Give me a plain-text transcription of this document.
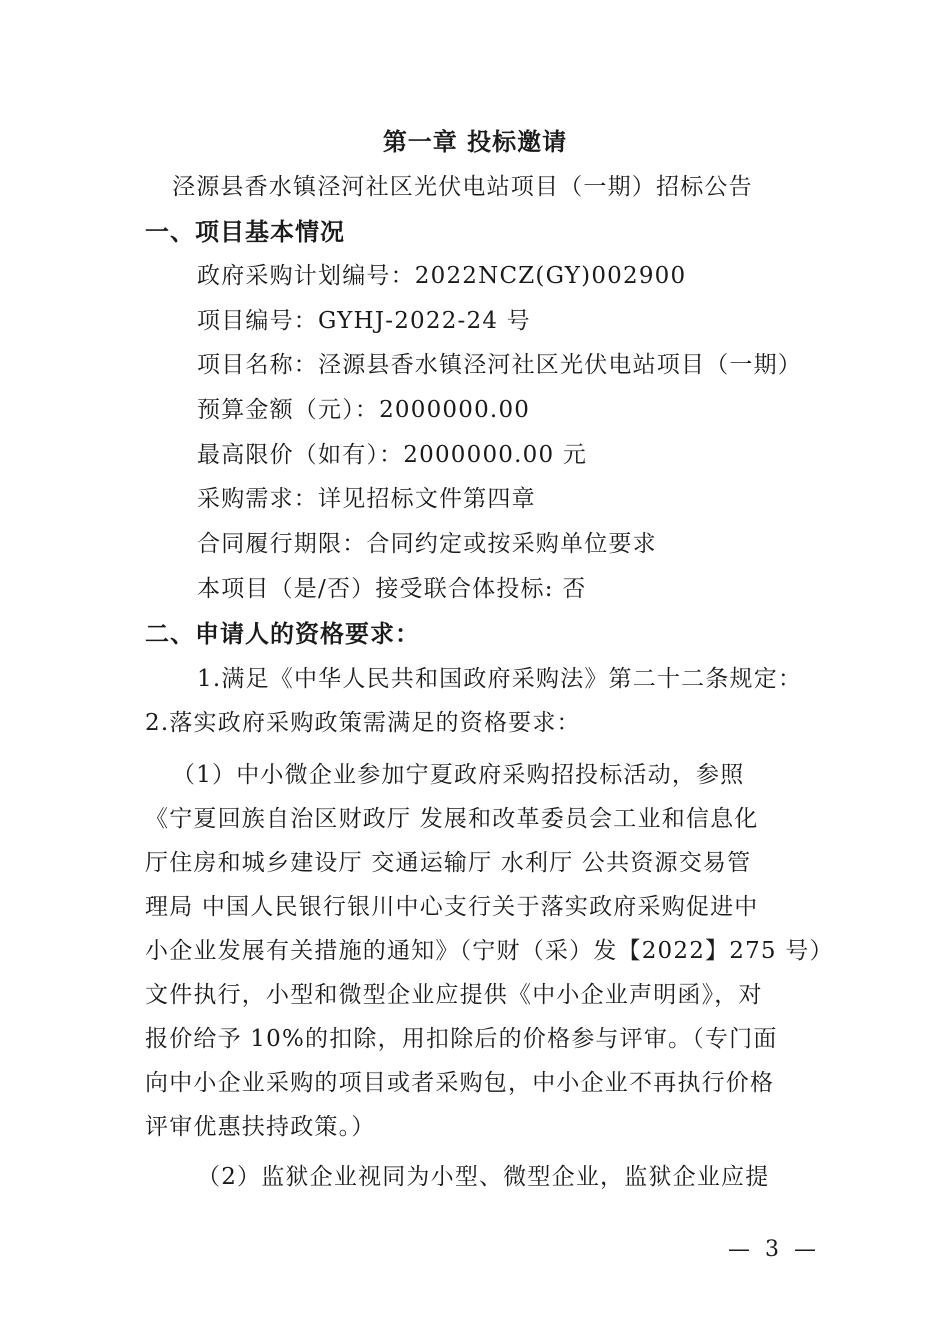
第一章 投标邀请
泾源县香水镇泾河社区光伏电站项目（一期）招标公告
一、项目基本情况
政府采购计划编号：2022NCZ(GY)002900
项目编号：GYHJ-2022-24 号
项目名称：泾源县香水镇泾河社区光伏电站项目（一期）
预算金额（元）：2000000.00
最高限价（如有）：2000000.00 元
采购需求：详见招标文件第四章
合同履行期限：合同约定或按采购单位要求
本项目（是/否）接受联合体投标: 否
二、申请人的资格要求：
1.满足《中华人民共和国政府采购法》第二十二条规定：
2.落实政府采购政策需满足的资格要求：
（1）中小微企业参加宁夏政府采购招投标活动，参照
《宁夏回族自治区财政厅 发展和改革委员会工业和信息化
厅住房和城乡建设厅 交通运输厅 水利厅 公共资源交易管
理局 中国人民银行银川中心支行关于落实政府采购促进中
小企业发展有关措施的通知》（宁财（采）发【2022】275 号）
文件执行，小型和微型企业应提供《中小企业声明函》，对
报价给予 10%的扣除，用扣除后的价格参与评审。（专门面
向中小企业采购的项目或者采购包，中小企业不再执行价格
评审优惠扶持政策。）
（2）监狱企业视同为小型、微型企业，监狱企业应提
— 3 —
